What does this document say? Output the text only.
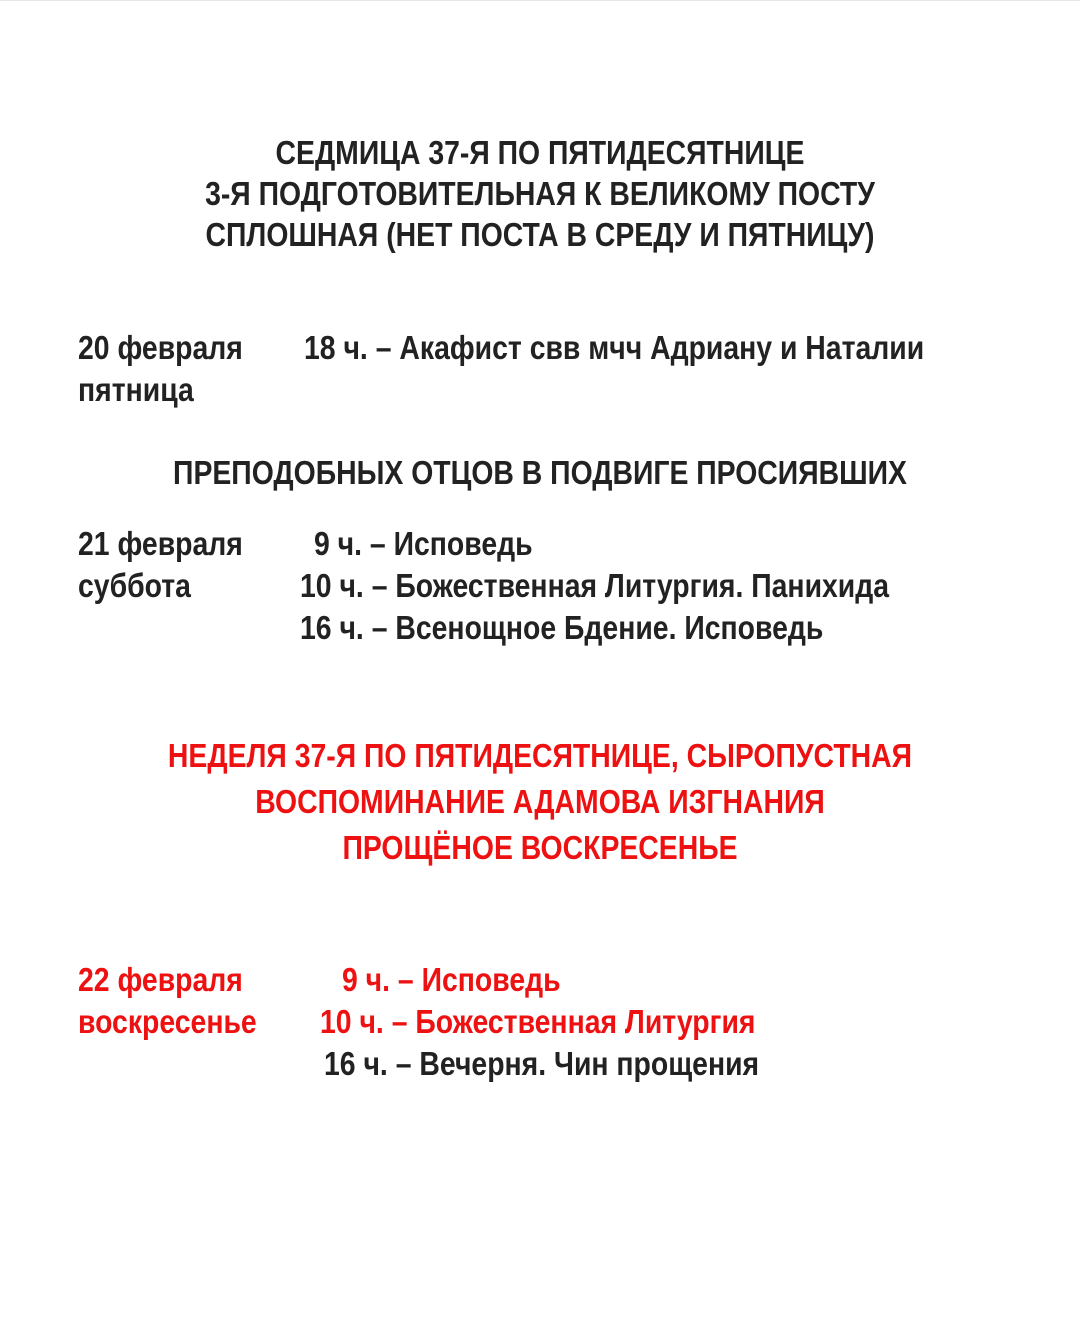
СЕДМИЦА 37-Я ПО ПЯТИДЕСЯТНИЦЕ
3-Я ПОДГОТОВИТЕЛЬНАЯ К ВЕЛИКОМУ ПОСТУ
СПЛОШНАЯ (НЕТ ПОСТА В СРЕДУ И ПЯТНИЦУ)
20 февраля
пятница
18 ч. – Акафист свв мчч Адриану и Наталии
ПРЕПОДОБНЫХ ОТЦОВ В ПОДВИГЕ ПРОСИЯВШИХ
21 февраля
суббота
9 ч. – Исповедь
10 ч. – Божественная Литургия. Панихида
16 ч. – Всенощное Бдение. Исповедь
НЕДЕЛЯ 37-Я ПО ПЯТИДЕСЯТНИЦЕ, СЫРОПУСТНАЯ
ВОСПОМИНАНИЕ АДАМОВА ИЗГНАНИЯ
ПРОЩЁНОЕ ВОСКРЕСЕНЬЕ
22 февраля
воскресенье
9 ч. – Исповедь
10 ч. – Божественная Литургия
16 ч. – Вечерня. Чин прощения
